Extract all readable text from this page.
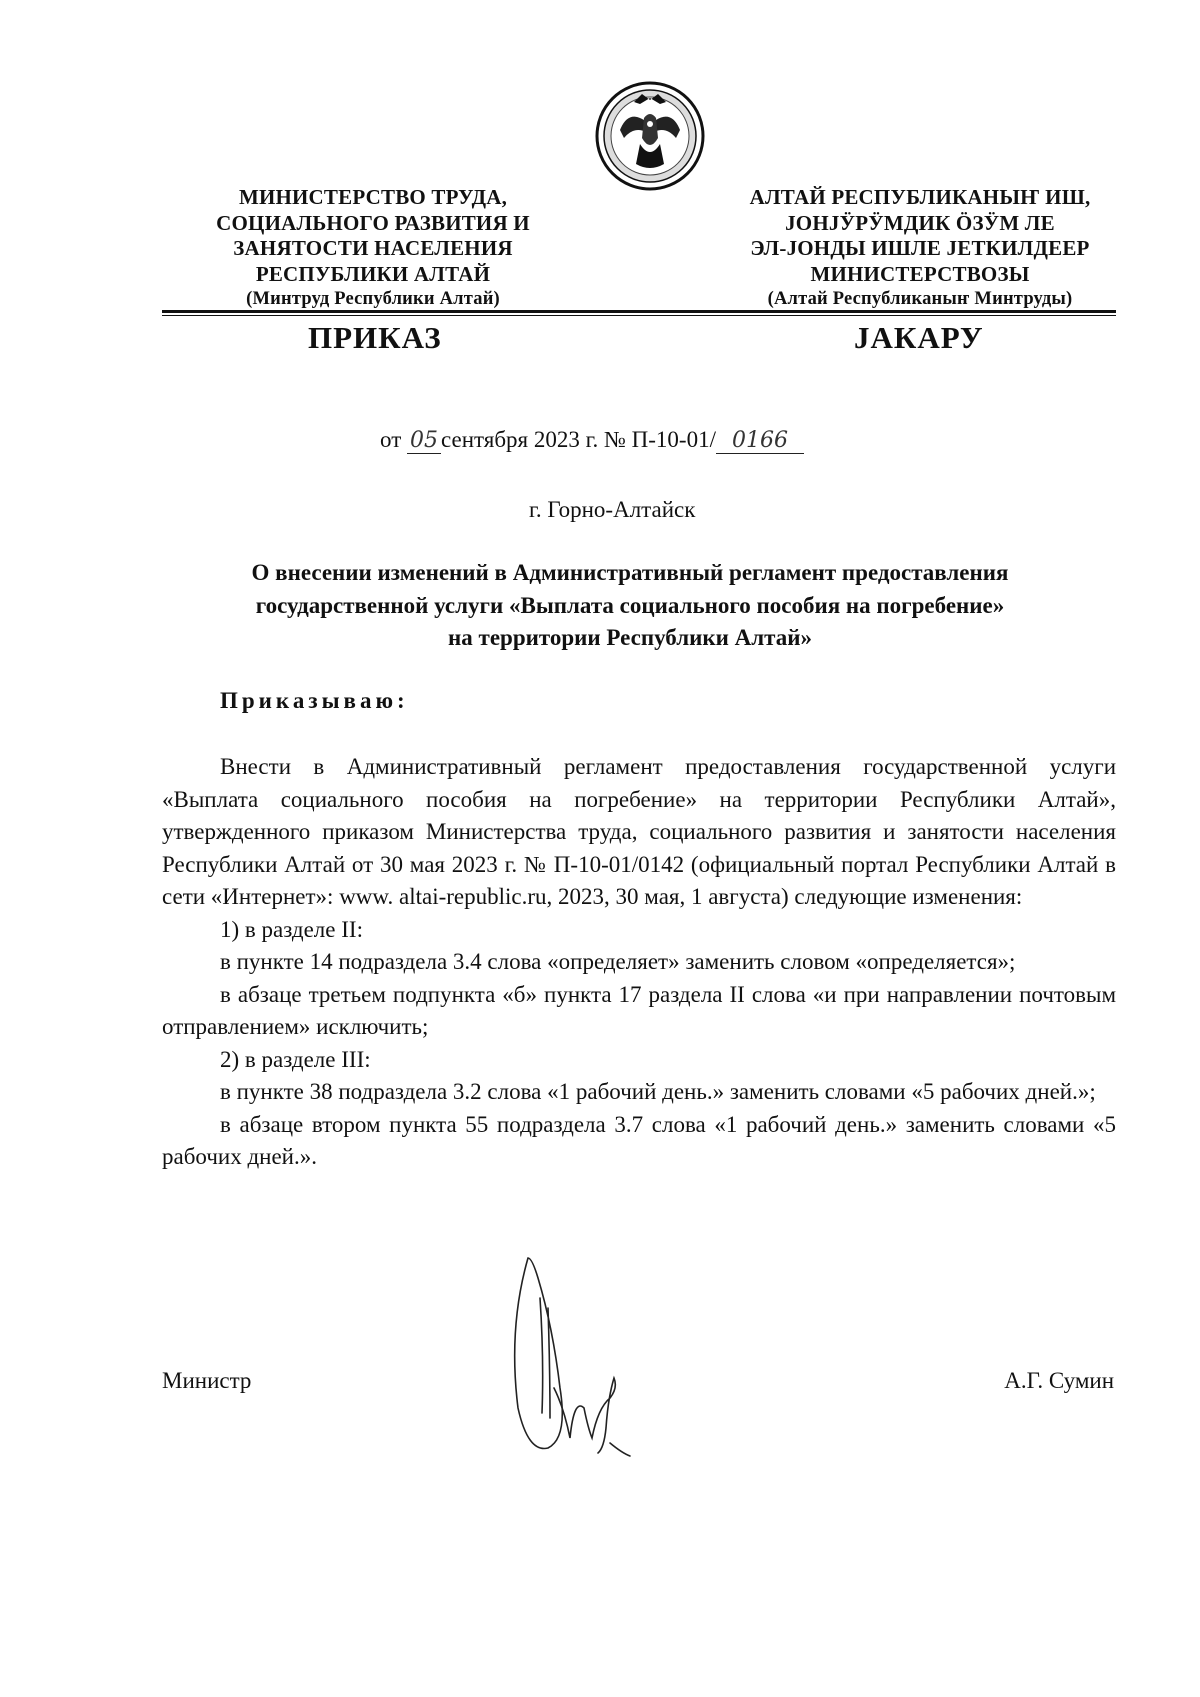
МИНИСТЕРСТВО ТРУДА,
СОЦИАЛЬНОГО РАЗВИТИЯ И
ЗАНЯТОСТИ НАСЕЛЕНИЯ
РЕСПУБЛИКИ АЛТАЙ
(Минтруд Республики Алтай)
АЛТАЙ РЕСПУБЛИКАНЫҤ ИШ,
ЈОНЈӰРӰМДИК ӦЗӰМ ЛЕ
ЭЛ-ЈОНДЫ ИШЛЕ ЈЕТКИЛДЕЕР
МИНИСТЕРСТВОЗЫ
(Алтай Республиканыҥ Минтруды)
ПРИКАЗ	ЈАКАРУ
от 05 сентября 2023 г. № П-10-01/ 0166
г. Горно-Алтайск
О внесении изменений в Административный регламент предоставления
государственной услуги «Выплата социального пособия на погребение»
на территории Республики Алтай»
Приказываю:

Внести в Административный регламент предоставления государственной услуги «Выплата социального пособия на погребение» на территории Республики Алтай», утвержденного приказом Министерства труда, социального развития и занятости населения Республики Алтай от 30 мая 2023 г. № П-10-01/0142 (официальный портал Республики Алтай в сети «Интернет»: www. altai-republic.ru, 2023, 30 мая, 1 августа) следующие изменения:

1) в разделе II:

в пункте 14 подраздела 3.4 слова «определяет» заменить словом «определяется»;

в абзаце третьем подпункта «б» пункта 17 раздела II слова «и при направлении почтовым отправлением» исключить;

2) в разделе III:

в пункте 38 подраздела 3.2 слова «1 рабочий день.» заменить словами «5 рабочих дней.»;

в абзаце втором пункта 55 подраздела 3.7 слова «1 рабочий день.» заменить словами «5 рабочих дней.».

Министр	А.Г. Сумин
